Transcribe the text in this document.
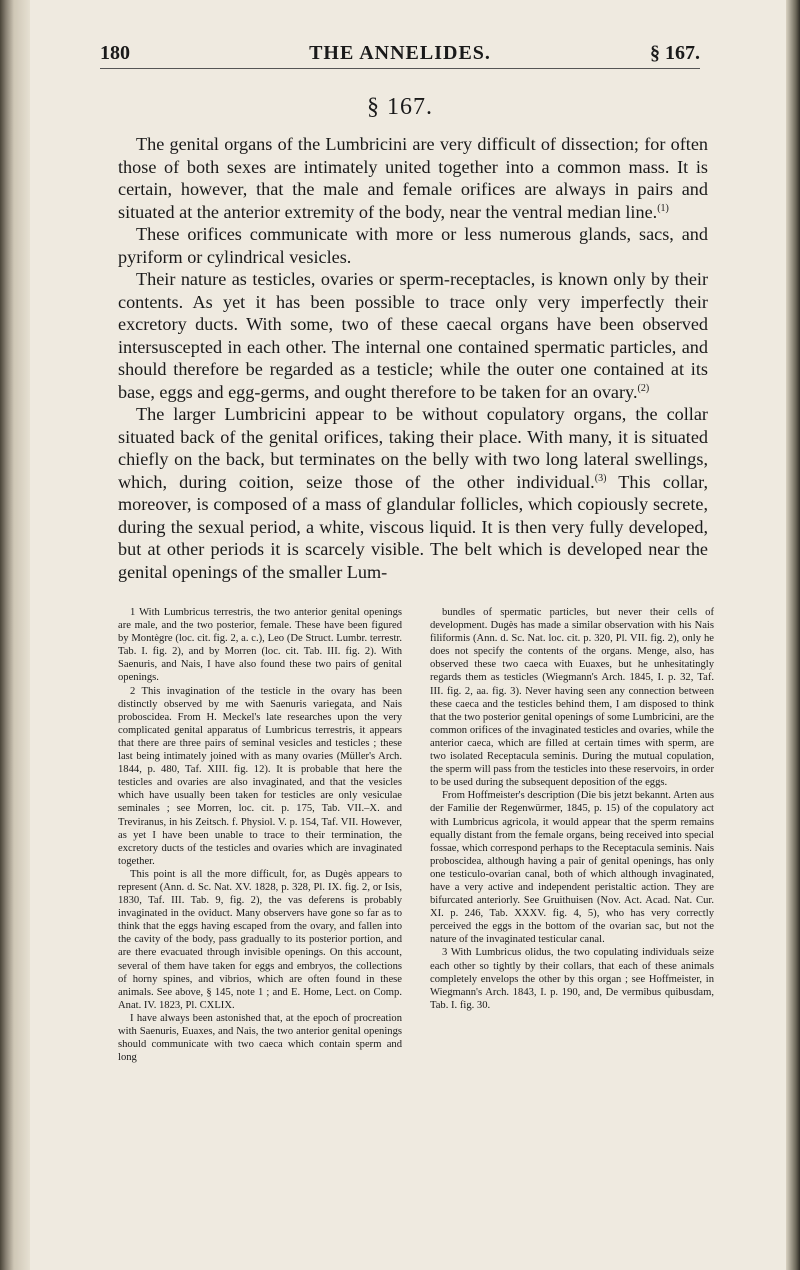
180	THE ANNELIDES.	§ 167.
§ 167.

The genital organs of the Lumbricini are very difficult of dissection; for often those of both sexes are intimately united together into a common mass. It is certain, however, that the male and female orifices are always in pairs and situated at the anterior extremity of the body, near the ventral median line.$^{(1)}$

These orifices communicate with more or less numerous glands, sacs, and pyriform or cylindrical vesicles.

Their nature as testicles, ovaries or sperm-receptacles, is known only by their contents. As yet it has been possible to trace only very imperfectly their excretory ducts. With some, two of these caecal organs have been observed intersuscepted in each other. The internal one contained spermatic particles, and should therefore be regarded as a testicle; while the outer one contained at its base, eggs and egg-germs, and ought therefore to be taken for an ovary.$^{(2)}$

The larger Lumbricini appear to be without copulatory organs, the collar situated back of the genital orifices, taking their place. With many, it is situated chiefly on the back, but terminates on the belly with two long lateral swellings, which, during coition, seize those of the other individual.$^{(3)}$ This collar, moreover, is composed of a mass of glandular follicles, which copiously secrete, during the sexual period, a white, viscous liquid. It is then very fully developed, but at other periods it is scarcely visible. The belt which is developed near the genital openings of the smaller Lum-

1 With Lumbricus terrestris, the two anterior genital openings are male, and the two posterior, female. These have been figured by Montègre (loc. cit. fig. 2, a. c.), Leo (De Struct. Lumbr. terrestr. Tab. I. fig. 2), and by Morren (loc. cit. Tab. III. fig. 2). With Saenuris, and Nais, I have also found these two pairs of genital openings.

2 This invagination of the testicle in the ovary has been distinctly observed by me with Saenuris variegata, and Nais proboscidea. From H. Meckel's late researches upon the very complicated genital apparatus of Lumbricus terrestris, it appears that there are three pairs of seminal vesicles and testicles ; these last being intimately joined with as many ovaries (Müller's Arch. 1844, p. 480, Taf. XIII. fig. 12). It is probable that here the testicles and ovaries are also invaginated, and that the vesicles which have usually been taken for testicles are only vesiculae seminales ; see Morren, loc. cit. p. 175, Tab. VII.–X. and Treviranus, in his Zeitsch. f. Physiol. V. p. 154, Taf. VII. However, as yet I have been unable to trace to their termination, the excretory ducts of the testicles and ovaries which are invaginated together.

This point is all the more difficult, for, as Dugès appears to represent (Ann. d. Sc. Nat. XV. 1828, p. 328, Pl. IX. fig. 2, or Isis, 1830, Taf. III. Tab. 9, fig. 2), the vas deferens is probably invaginated in the oviduct. Many observers have gone so far as to think that the eggs having escaped from the ovary, and fallen into the cavity of the body, pass gradually to its posterior portion, and are there evacuated through invisible openings. On this account, several of them have taken for eggs and embryos, the collections of horny spines, and vibrios, which are often found in these animals. See above, § 145, note 1 ; and E. Home, Lect. on Comp. Anat. IV. 1823, Pl. CXLIX.

I have always been astonished that, at the epoch of procreation with Saenuris, Euaxes, and Nais, the two anterior genital openings should communicate with two caeca which contain sperm and long

bundles of spermatic particles, but never their cells of development. Dugès has made a similar observation with his Nais filiformis (Ann. d. Sc. Nat. loc. cit. p. 320, Pl. VII. fig. 2), only he does not specify the contents of the organs. Menge, also, has observed these two caeca with Euaxes, but he unhesitatingly regards them as testicles (Wiegmann's Arch. 1845, I. p. 32, Taf. III. fig. 2, aa. fig. 3). Never having seen any connection between these caeca and the testicles behind them, I am disposed to think that the two posterior genital openings of some Lumbricini, are the common orifices of the invaginated testicles and ovaries, while the anterior caeca, which are filled at certain times with sperm, are two isolated Receptacula seminis. During the mutual copulation, the sperm will pass from the testicles into these reservoirs, in order to be used during the subsequent deposition of the eggs.

From Hoffmeister's description (Die bis jetzt bekannt. Arten aus der Familie der Regenwürmer, 1845, p. 15) of the copulatory act with Lumbricus agricola, it would appear that the sperm remains equally distant from the female organs, being received into special fossae, which correspond perhaps to the Receptacula seminis. Nais proboscidea, although having a pair of genital openings, has only one testiculo-ovarian canal, both of which although invaginated, have a very active and independent peristaltic action. They are bifurcated anteriorly. See Gruithuisen (Nov. Act. Acad. Nat. Cur. XI. p. 246, Tab. XXXV. fig. 4, 5), who has very correctly perceived the eggs in the bottom of the ovarian sac, but not the nature of the invaginated testicular canal.

3 With Lumbricus olidus, the two copulating individuals seize each other so tightly by their collars, that each of these animals completely envelops the other by this organ ; see Hoffmeister, in Wiegmann's Arch. 1843, I. p. 190, and, De vermibus quibusdam, Tab. I. fig. 30.
